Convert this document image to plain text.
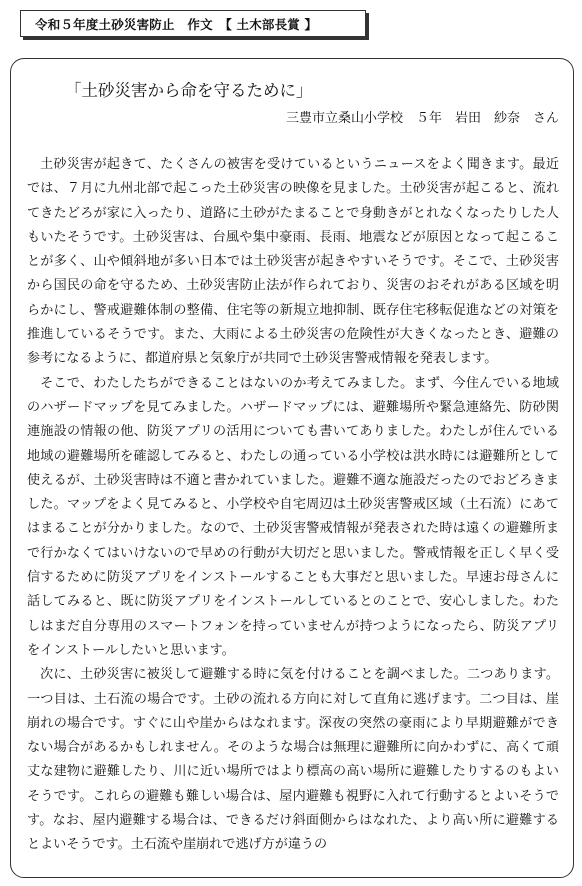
令和５年度土砂災害防止　作文　【 土木部長賞 】
「土砂災害から命を守るために」
三豊市立桑山小学校　５年　岩田　紗奈　さん

土砂災害が起きて、たくさんの被害を受けているというニュースをよく聞きます。最近では、７月に九州北部で起こった土砂災害の映像を見ました。土砂災害が起こると、流れてきたどろが家に入ったり、道路に土砂がたまることで身動きがとれなくなったりした人もいたそうです。土砂災害は、台風や集中豪雨、長雨、地震などが原因となって起こることが多く、山や傾斜地が多い日本では土砂災害が起きやすいそうです。そこで、土砂災害から国民の命を守るため、土砂災害防止法が作られており、災害のおそれがある区域を明らかにし、警戒避難体制の整備、住宅等の新規立地抑制、既存住宅移転促進などの対策を推進しているそうです。また、大雨による土砂災害の危険性が大きくなったとき、避難の参考になるように、都道府県と気象庁が共同で土砂災害警戒情報を発表します。

そこで、わたしたちができることはないのか考えてみました。まず、今住んでいる地域のハザードマップを見てみました。ハザードマップには、避難場所や緊急連絡先、防砂関連施設の情報の他、防災アプリの活用についても書いてありました。わたしが住んでいる地域の避難場所を確認してみると、わたしの通っている小学校は洪水時には避難所として使えるが、土砂災害時は不適と書かれていました。避難不適な施設だったのでおどろきました。マップをよく見てみると、小学校や自宅周辺は土砂災害警戒区域（土石流）にあてはまることが分かりました。なので、土砂災害警戒情報が発表された時は遠くの避難所まで行かなくてはいけないので早めの行動が大切だと思いました。警戒情報を正しく早く受信するために防災アプリをインストールすることも大事だと思いました。早速お母さんに話してみると、既に防災アプリをインストールしているとのことで、安心しました。わたしはまだ自分専用のスマートフォンを持っていませんが持つようになったら、防災アプリをインストールしたいと思います。

次に、土砂災害に被災して避難する時に気を付けることを調べました。二つあります。一つ目は、土石流の場合です。土砂の流れる方向に対して直角に逃げます。二つ目は、崖崩れの場合です。すぐに山や崖からはなれます。深夜の突然の豪雨により早期避難ができない場合があるかもしれません。そのような場合は無理に避難所に向かわずに、高くて頑丈な建物に避難したり、川に近い場所ではより標高の高い場所に避難したりするのもよいそうです。これらの避難も難しい場合は、屋内避難も視野に入れて行動するとよいそうです。なお、屋内避難する場合は、できるだけ斜面側からはなれた、より高い所に避難するとよいそうです。土石流や崖崩れで逃げ方が違うの
